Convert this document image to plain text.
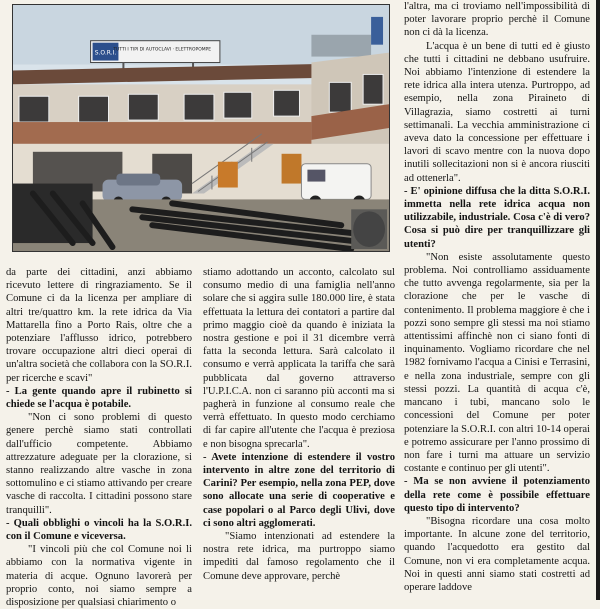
S.O.R.I.
TUTTI I TIPI DI AUTOCLAVI · ELETTROPOMPE

l'altra, ma ci troviamo nell'impossibilità di poter lavorare proprio perchè il Comune non ci dà la licenza.

L'acqua è un bene di tutti ed è giusto che tutti i cittadini ne debbano usufruire. Noi abbiamo l'intenzione di estendere la rete idrica alla intera utenza. Purtroppo, ad esempio, nella zona Piraineto di Villagrazia, siamo costretti ai turni settimanali. La vecchia amministrazione ci aveva dato la concessione per effettuare i lavori di scavo mentre con la nuova dopo inutili sollecitazioni non si è ancora riusciti ad ottenerla".

- E' opinione diffusa che la ditta S.O.R.I. immetta nella rete idrica acqua non utilizzabile, industriale. Cosa c'è di vero? Cosa si può dire per tranquillizzare gli utenti?

"Non esiste assolutamente questo problema. Noi controlliamo assiduamente che tutto avvenga regolarmente, sia per la clorazione che per le vasche di contenimento. Il problema maggiore è che i pozzi sono sempre gli stessi ma noi stiamo attentissimi affinchè non ci siano fonti di inquinamento. Vogliamo ricordare che nel 1982 fornivamo l'acqua a Cinisi e Terrasini, e nella zona industriale, sempre con gli stessi pozzi. La quantità di acqua c'è, mancano i tubi, mancano solo le concessioni del Comune per poter potenziare la S.O.R.I. con altri 10-14 operai e potremo assicurare per l'anno prossimo di non fare i turni ma attuare un servizio costante e continuo per gli utenti".

- Ma se non avviene il potenziamento della rete come è possibile effettuare questo tipo di intervento?

"Bisogna ricordare una cosa molto importante. In alcune zone del territorio, quando l'acquedotto era gestito dal Comune, non vi era completamente acqua. Noi in questi anni siamo stati costretti ad operare laddove

da parte dei cittadini, anzi abbiamo ricevuto lettere di ringraziamento. Se il Comune ci da la licenza per ampliare di altri tre/quattro km. la rete idrica da Via Mattarella fino a Porto Rais, oltre che a potenziare l'afflusso idrico, potrebbero trovare occupazione altri dieci operai di un'altra società che collabora con la SO.R.I. per ricerche e scavi"

- La gente quando apre il rubinetto si chiede se l'acqua è potabile.

"Non ci sono problemi di questo genere perchè siamo stati controllati dall'ufficio competente. Abbiamo attrezzature adeguate per la clorazione, si stanno realizzando altre vasche in zona sottomulino e ci stiamo attivando per creare vasche di raccolta. I cittadini possono stare tranquilli".

- Quali obblighi o vincoli ha la S.O.R.I. con il Comune e viceversa.

"I vincoli più che col Comune noi li abbiamo con la normativa vigente in materia di acque. Ognuno lavorerà per proprio conto, noi siamo sempre a disposizione per qualsiasi chiarimento o

stiamo adottando un acconto, calcolato sul consumo medio di una famiglia nell'anno solare che si aggira sulle 180.000 lire, è stata effettuata la lettura dei contatori a partire dal primo maggio cioè da quando è iniziata la nostra gestione e poi il 31 dicembre verrà fatta la seconda lettura. Sarà calcolato il consumo e verrà applicata la tariffa che sarà pubblicata dal governo attraverso l'U.P.I.C.A. non ci saranno più acconti ma si pagherà in funzione al consumo reale che verrà effettuato. In questo modo cerchiamo di far capire all'utente che l'acqua è preziosa e non bisogna sprecarla".

- Avete intenzione di estendere il vostro intervento in altre zone del territorio di Carini? Per esempio, nella zona PEP, dove sono allocate una serie di cooperative e case popolari o al Parco degli Ulivi, dove ci sono altri agglomerati.

"Siamo intenzionati ad estendere la nostra rete idrica, ma purtroppo siamo impediti dal famoso regolamento che il Comune deve approvare, perchè
